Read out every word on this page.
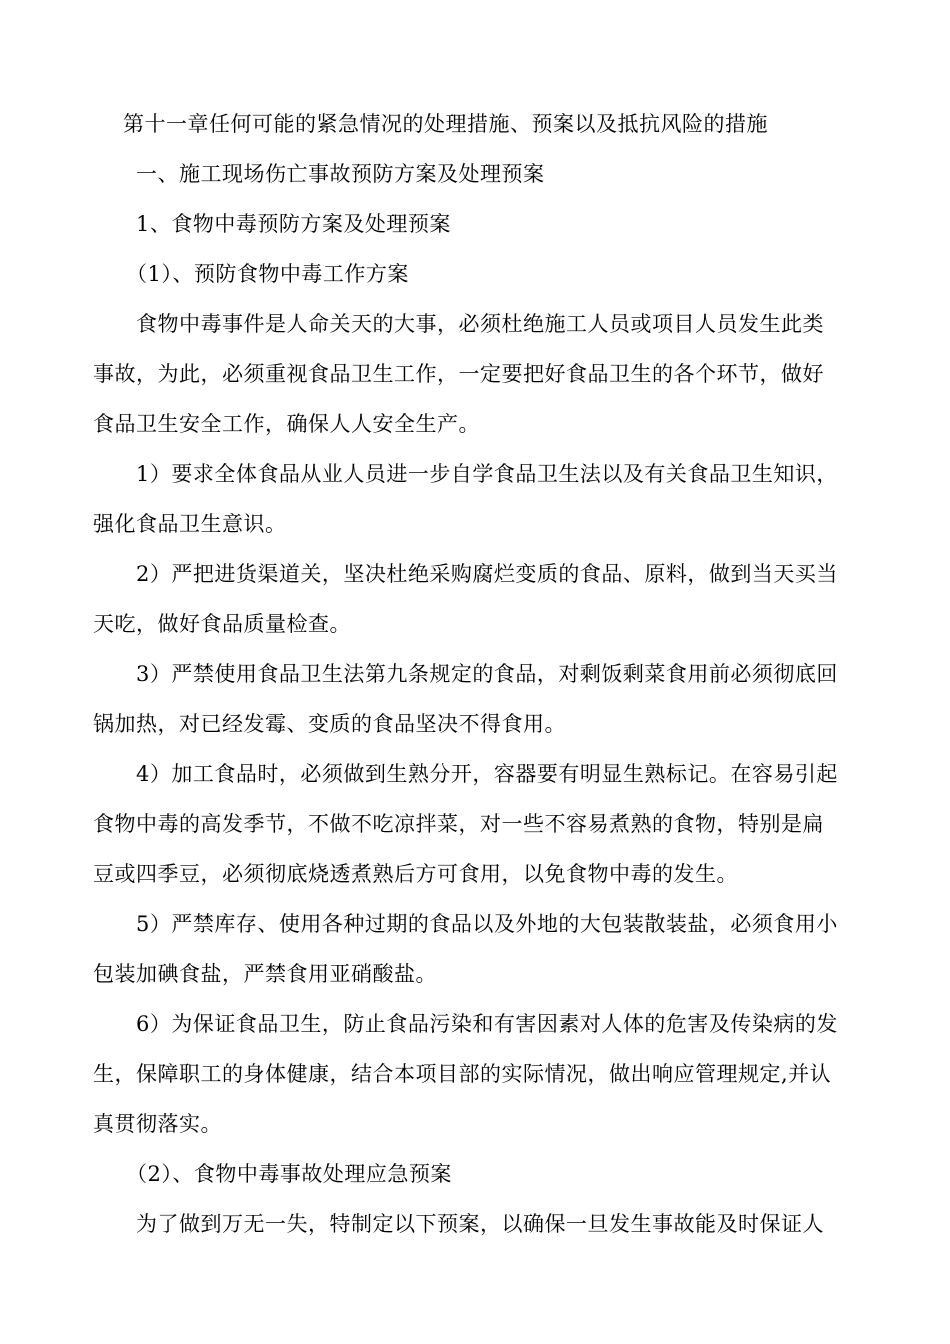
第十一章任何可能的紧急情况的处理措施、预案以及抵抗风险的措施

一、施工现场伤亡事故预防方案及处理预案

1、食物中毒预防方案及处理预案

（1）、预防食物中毒工作方案

食物中毒事件是人命关天的大事，必须杜绝施工人员或项目人员发生此类

事故，为此，必须重视食品卫生工作，一定要把好食品卫生的各个环节，做好

食品卫生安全工作，确保人人安全生产。

1）要求全体食品从业人员进一步自学食品卫生法以及有关食品卫生知识，

强化食品卫生意识。

2）严把进货渠道关，坚决杜绝采购腐烂变质的食品、原料，做到当天买当

天吃，做好食品质量检查。

3）严禁使用食品卫生法第九条规定的食品，对剩饭剩菜食用前必须彻底回

锅加热，对已经发霉、变质的食品坚决不得食用。

4）加工食品时，必须做到生熟分开，容器要有明显生熟标记。在容易引起

食物中毒的高发季节，不做不吃凉拌菜，对一些不容易煮熟的食物，特别是扁

豆或四季豆，必须彻底烧透煮熟后方可食用，以免食物中毒的发生。

5）严禁库存、使用各种过期的食品以及外地的大包装散装盐，必须食用小

包装加碘食盐，严禁食用亚硝酸盐。

6）为保证食品卫生，防止食品污染和有害因素对人体的危害及传染病的发

生，保障职工的身体健康，结合本项目部的实际情况，做出响应管理规定,并认

真贯彻落实。

（2）、食物中毒事故处理应急预案

为了做到万无一失，特制定以下预案，以确保一旦发生事故能及时保证人
